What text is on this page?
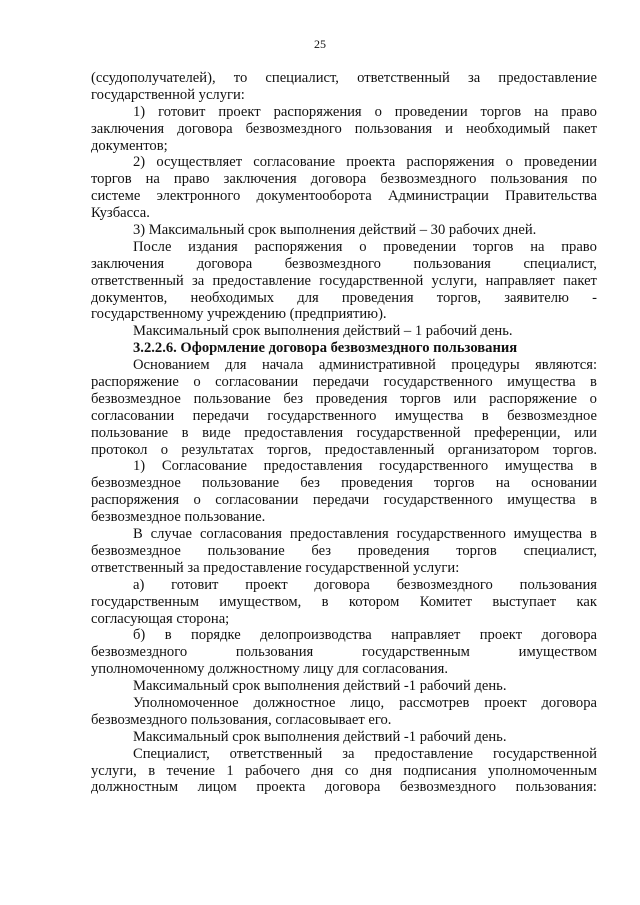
25
(ссудополучателей), то специалист, ответственный за предоставление
государственной услуги:
1) готовит проект распоряжения о проведении торгов на право
заключения договора безвозмездного пользования и необходимый пакет
документов;
2) осуществляет согласование проекта распоряжения о проведении
торгов на право заключения договора безвозмездного пользования по
системе электронного документооборота Администрации Правительства
Кузбасса.
3) Максимальный срок выполнения действий – 30 рабочих дней.
После издания распоряжения о проведении торгов на право
заключения договора безвозмездного пользования специалист,
ответственный за предоставление государственной услуги, направляет пакет
документов, необходимых для проведения торгов, заявителю -
государственному учреждению (предприятию).
Максимальный срок выполнения действий – 1 рабочий день.
3.2.2.6. Оформление договора безвозмездного пользования
Основанием для начала административной процедуры являются:
распоряжение о согласовании передачи государственного имущества в
безвозмездное пользование без проведения торгов или распоряжение о
согласовании передачи государственного имущества в безвозмездное
пользование в виде предоставления государственной преференции, или
протокол о результатах торгов, предоставленный организатором торгов.
1) Согласование предоставления государственного имущества в
безвозмездное пользование без проведения торгов на основании
распоряжения о согласовании передачи государственного имущества в
безвозмездное пользование.
В случае согласования предоставления государственного имущества в
безвозмездное пользование без проведения торгов специалист,
ответственный за предоставление государственной услуги:
а) готовит проект договора безвозмездного пользования
государственным имуществом, в котором Комитет выступает как
согласующая сторона;
б) в порядке делопроизводства направляет проект договора
безвозмездного	пользования	государственным	имуществом
уполномоченному должностному лицу для согласования.
Максимальный срок выполнения действий -1 рабочий день.
Уполномоченное должностное лицо, рассмотрев проект договора
безвозмездного пользования, согласовывает его.
Максимальный срок выполнения действий -1 рабочий день.
Специалист, ответственный за предоставление государственной
услуги, в течение 1 рабочего дня со дня подписания уполномоченным
должностным лицом проекта договора безвозмездного пользования:
